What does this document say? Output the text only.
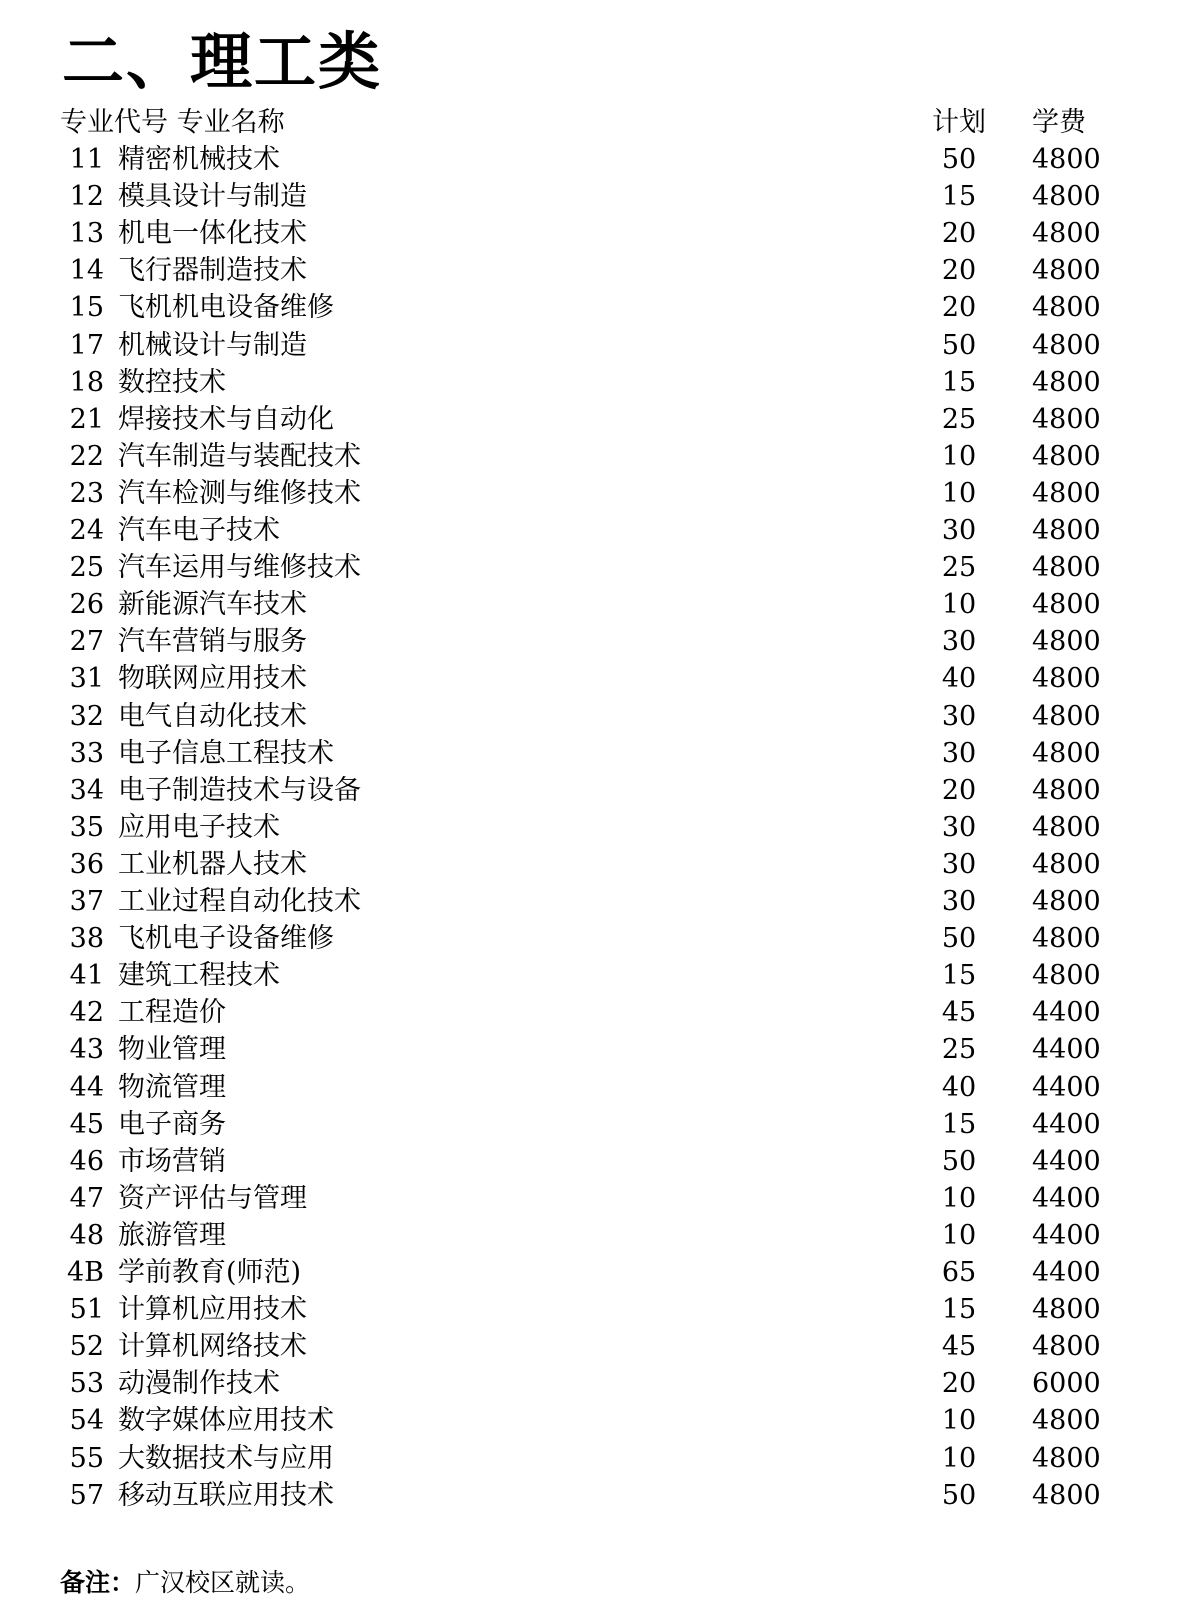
二、理工类
专业代号 专业名称	计划 学费
11 精密机械技术	50	4800
12 模具设计与制造	15	4800
13 机电一体化技术	20	4800
14 飞行器制造技术	20	4800
15 飞机机电设备维修	20	4800
17 机械设计与制造	50	4800
18 数控技术	15	4800
21 焊接技术与自动化	25	4800
22 汽车制造与装配技术	10	4800
23 汽车检测与维修技术	10	4800
24 汽车电子技术	30	4800
25 汽车运用与维修技术	25	4800
26 新能源汽车技术	10	4800
27 汽车营销与服务	30	4800
31 物联网应用技术	40	4800
32 电气自动化技术	30	4800
33 电子信息工程技术	30	4800
34 电子制造技术与设备	20	4800
35 应用电子技术	30	4800
36 工业机器人技术	30	4800
37 工业过程自动化技术	30	4800
38 飞机电子设备维修	50	4800
41 建筑工程技术	15	4800
42 工程造价	45	4400
43 物业管理	25	4400
44 物流管理	40	4400
45 电子商务	15	4400
46 市场营销	50	4400
47 资产评估与管理	10	4400
48 旅游管理	10	4400
4B 学前教育(师范)	65	4400
51 计算机应用技术	15	4800
52 计算机网络技术	45	4800
53 动漫制作技术	20	6000
54 数字媒体应用技术	10	4800
55 大数据技术与应用	10	4800
57 移动互联应用技术	50	4800
备注：广汉校区就读。
